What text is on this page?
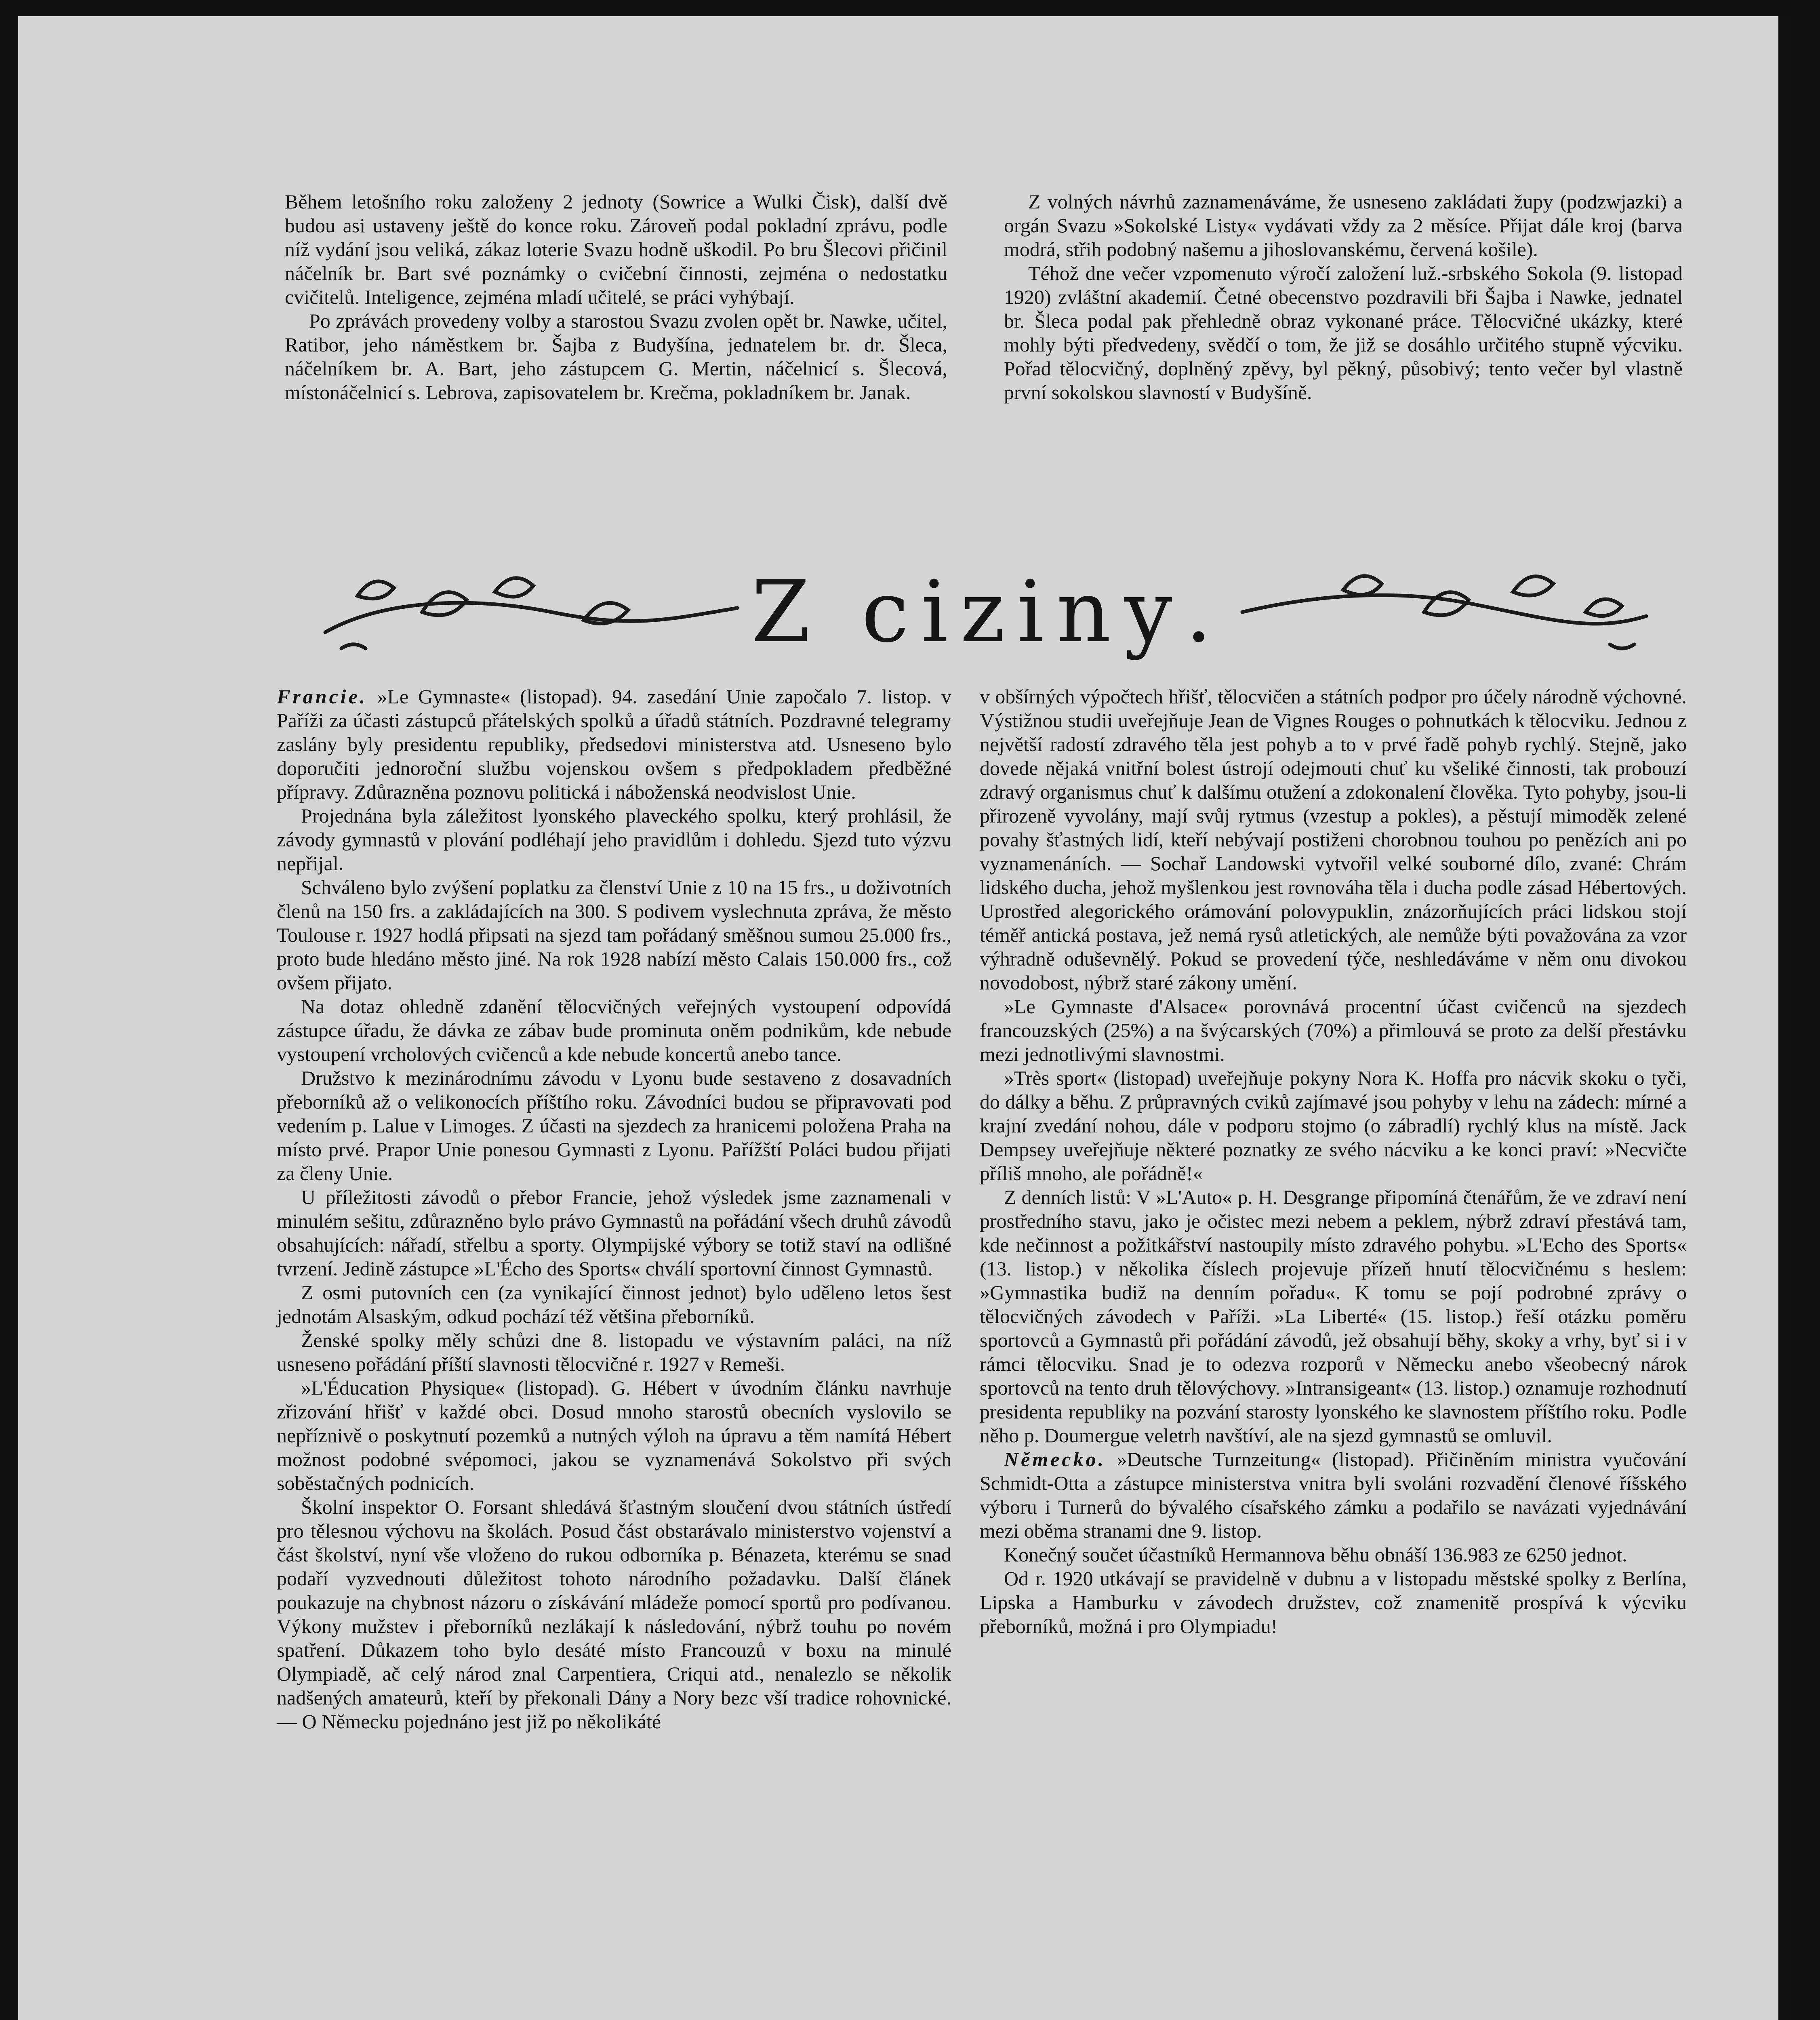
Během letošního roku založeny 2 jednoty (Sowrice a Wulki Čisk), další dvě budou asi ustaveny ještě do konce roku. Zároveň podal pokladní zprávu, podle níž vydání jsou veliká, zákaz loterie Svazu hodně uškodil. Po bru Šlecovi přičinil náčelník br. Bart své poznámky o cvičební činnosti, zejména o nedostatku cvičitelů. Inteligence, zejména mladí učitelé, se práci vyhýbají.

Po zprávách provedeny volby a starostou Svazu zvolen opět br. Nawke, učitel, Ratibor, jeho náměstkem br. Šajba z Budyšína, jednatelem br. dr. Šleca, náčelníkem br. A. Bart, jeho zástupcem G. Mertin, náčelnicí s. Šlecová, místonáčelnicí s. Lebrova, zapisovatelem br. Krečma, pokladníkem br. Janak.

Z volných návrhů zaznamenáváme, že usneseno zakládati župy (podzwjazki) a orgán Svazu »Sokolské Listy« vydávati vždy za 2 měsíce. Přijat dále kroj (barva modrá, střih podobný našemu a jihoslovanskému, červená košile).

Téhož dne večer vzpomenuto výročí založení luž.-srbského Sokola (9. listopad 1920) zvláštní akademií. Četné obecenstvo pozdravili bři Šajba i Nawke, jednatel br. Šleca podal pak přehledně obraz vykonané práce. Tělocvičné ukázky, které mohly býti předvedeny, svědčí o tom, že již se dosáhlo určitého stupně výcviku. Pořad tělocvičný, doplněný zpěvy, byl pěkný, působivý; tento večer byl vlastně první sokolskou slavností v Budyšíně.

Z cizinу.

Francie. »Le Gymnaste« (listopad). 94. zasedání Unie započalo 7. listop. v Paříži za účasti zástupců přátelských spolků a úřadů státních. Pozdravné telegramy zaslány byly presidentu republiky, předsedovi ministerstva atd. Usneseno bylo doporučiti jednoroční službu vojenskou ovšem s předpokladem předběžné přípravy. Zdůrazněna poznovu politická i náboženská neodvislost Unie.

Projednána byla záležitost lyonského plaveckého spolku, který prohlásil, že závody gymnastů v plování podléhají jeho pravidlům i dohledu. Sjezd tuto výzvu nepřijal.

Schváleno bylo zvýšení poplatku za členství Unie z 10 na 15 frs., u doživotních členů na 150 frs. a zakládajících na 300. S podivem vyslechnuta zpráva, že město Toulouse r. 1927 hodlá připsati na sjezd tam pořádaný směšnou sumou 25.000 frs., proto bude hledáno město jiné. Na rok 1928 nabízí město Calais 150.000 frs., což ovšem přijato.

Na dotaz ohledně zdanění tělocvičných veřejných vystoupení odpovídá zástupce úřadu, že dávka ze zábav bude prominuta oněm podnikům, kde nebude vystoupení vrcholových cvičenců a kde nebude koncertů anebo tance.

Družstvo k mezinárodnímu závodu v Lyonu bude sestaveno z dosavadních přeborníků až o velikonocích příštího roku. Závodníci budou se připravovati pod vedením p. Lalue v Limoges. Z účasti na sjezdech za hranicemi položena Praha na místo prvé. Prapor Unie ponesou Gymnasti z Lyonu. Pařížští Poláci budou přijati za členy Unie.

U příležitosti závodů o přebor Francie, jehož výsledek jsme zaznamenali v minulém sešitu, zdůrazněno bylo právo Gymnastů na pořádání všech druhů závodů obsahujících: nářadí, střelbu a sporty. Olympijské výbory se totiž staví na odlišné tvrzení. Jedině zástupce »L'Écho des Sports« chválí sportovní činnost Gymnastů.

Z osmi putovních cen (za vynikající činnost jednot) bylo uděleno letos šest jednotám Alsaským, odkud pochází též většina přeborníků.

Ženské spolky měly schůzi dne 8. listopadu ve výstavním paláci, na níž usneseno pořádání příští slavnosti tělocvičné r. 1927 v Remeši.

»L'Éducation Physique« (listopad). G. Hébert v úvodním článku navrhuje zřizování hřišť v každé obci. Dosud mnoho starostů obecních vyslovilo se nepříznivě o poskytnutí pozemků a nutných výloh na úpravu a těm namítá Hébert možnost podobné svépomoci, jakou se vyznamenává Sokolstvo při svých soběstačných podnicích.

Školní inspektor O. Forsant shledává šťastným sloučení dvou státních ústředí pro tělesnou výchovu na školách. Posud část obstarávalo ministerstvo vojenství a část školství, nyní vše vloženo do rukou odborníka p. Bénazeta, kterému se snad podaří vyzvednouti důležitost tohoto národního požadavku. Další článek poukazuje na chybnost názoru o získávání mládeže pomocí sportů pro podívanou. Výkony mužstev i přeborníků nezlákají k následování, nýbrž touhu po novém spatření. Důkazem toho bylo desáté místo Francouzů v boxu na minulé Olympiadě, ač celý národ znal Carpentiera, Criqui atd., nenalezlo se několik nadšených amateurů, kteří by překonali Dány a Nory bezc vší tradice rohovnické. — O Německu pojednáno jest již po několikáté

v obšírných výpočtech hřišť, tělocvičen a státních podpor pro účely národně výchovné. Výstižnou studii uveřejňuje Jean de Vignes Rouges o pohnutkách k tělocviku. Jednou z největší radostí zdravého těla jest pohyb a to v prvé řadě pohyb rychlý. Stejně, jako dovede nějaká vnitřní bolest ústrojí odejmouti chuť ku všeliké činnosti, tak probouzí zdravý organismus chuť k dalšímu otužení a zdokonalení člověka. Tyto pohyby, jsou-li přirozeně vyvolány, mají svůj rytmus (vzestup a pokles), a pěstují mimoděk zelené povahy šťastných lidí, kteří nebývají postiženi chorobnou touhou po penězích ani po vyznamenáních. — Sochař Landowski vytvořil velké souborné dílo, zvané: Chrám lidského ducha, jehož myšlenkou jest rovnováha těla i ducha podle zásad Hébertových. Uprostřed alegorického orámování polovypuklin, znázorňujících práci lidskou stojí téměř antická postava, jež nemá rysů atletických, ale nemůže býti považována za vzor výhradně oduševnělý. Pokud se provedení týče, neshledáváme v něm onu divokou novodobost, nýbrž staré zákony umění.

»Le Gymnaste d'Alsace« porovnává procentní účast cvičenců na sjezdech francouzských (25%) a na švýcarských (70%) a přimlouvá se proto za delší přestávku mezi jednotlivými slavnostmi.

»Très sport« (listopad) uveřejňuje pokyny Nora K. Hoffa pro nácvik skoku o tyči, do dálky a běhu. Z průpravných cviků zajímavé jsou pohyby v lehu na zádech: mírné a krajní zvedání nohou, dále v podporu stojmo (o zábradlí) rychlý klus na místě. Jack Dempsey uveřejňuje některé poznatky ze svého nácviku a ke konci praví: »Necvičte příliš mnoho, ale pořádně!«

Z denních listů: V »L'Auto« p. H. Desgrange připomíná čtenářům, že ve zdraví není prostředního stavu, jako je očistec mezi nebem a peklem, nýbrž zdraví přestává tam, kde nečinnost a požitkářství nastoupily místo zdravého pohybu. »L'Echo des Sports« (13. listop.) v několika číslech projevuje přízeň hnutí tělocvičnému s heslem: »Gymnastika budiž na denním pořadu«. K tomu se pojí podrobné zprávy o tělocvičných závodech v Paříži. »La Liberté« (15. listop.) řeší otázku poměru sportovců a Gymnastů při pořádání závodů, jež obsahují běhy, skoky a vrhy, byť si i v rámci tělocviku. Snad je to odezva rozporů v Německu anebo všeobecný nárok sportovců na tento druh tělovýchovy. »Intransigeant« (13. listop.) oznamuje rozhodnutí presidenta republiky na pozvání starosty lyonského ke slavnostem příštího roku. Podle něho p. Doumergue veletrh navštíví, ale na sjezd gymnastů se omluvil.

Německo. »Deutsche Turnzeitung« (listopad). Přičiněním ministra vyučování Schmidt-Otta a zástupce ministerstva vnitra byli svoláni rozvadění členové říšského výboru i Turnerů do bývalého císařského zámku a podařilo se navázati vyjednávání mezi oběma stranami dne 9. listop.

Konečný součet účastníků Hermannova běhu obnáší 136.983 ze 6250 jednot.

Od r. 1920 utkávají se pravidelně v dubnu a v listopadu městské spolky z Berlína, Lipska a Hamburku v závodech družstev, což znamenitě prospívá k výcviku přeborníků, možná i pro Olympiadu!
